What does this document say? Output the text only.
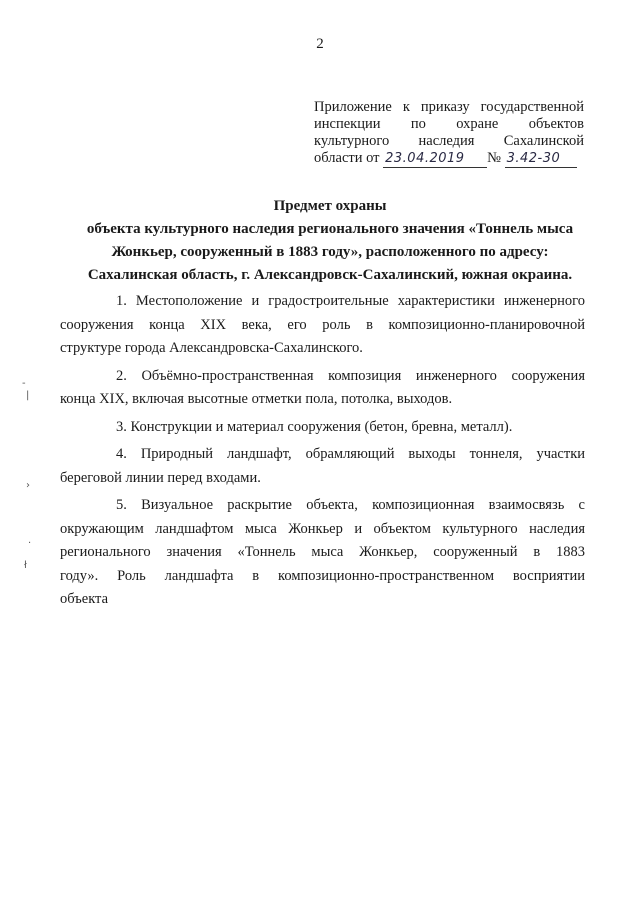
2
Приложение к приказу государственной
инспекции по охране объектов
культурного наследия Сахалинской
области от 23.04.2019 № 3.42-30
Предмет охраны
объекта культурного наследия регионального значения «Тоннель мыса
Жонкьер, сооруженный в 1883 году», расположенного по адресу:
Сахалинская область, г. Александровск-Сахалинский, южная окраина.

1. Местоположение и градостроительные характеристики инженерного
сооружения конца XIX века, его роль в композиционно-планировочной
структуре города Александровска-Сахалинского.

2. Объёмно-пространственная композиция инженерного сооружения
конца XIX, включая высотные отметки пола, потолка, выходов.

3. Конструкции и материал сооружения (бетон, бревна, металл).

4. Природный ландшафт, обрамляющий выходы тоннеля, участки
береговой линии перед входами.

5. Визуальное раскрытие объекта, композиционная взаимосвязь с
окружающим ландшафтом мыса Жонкьер и объектом культурного наследия
регионального значения «Тоннель мыса Жонкьер, сооруженный в 1883
году». Роль ландшафта в композиционно-пространственном восприятии
объекта

-
|
›
.
ł
